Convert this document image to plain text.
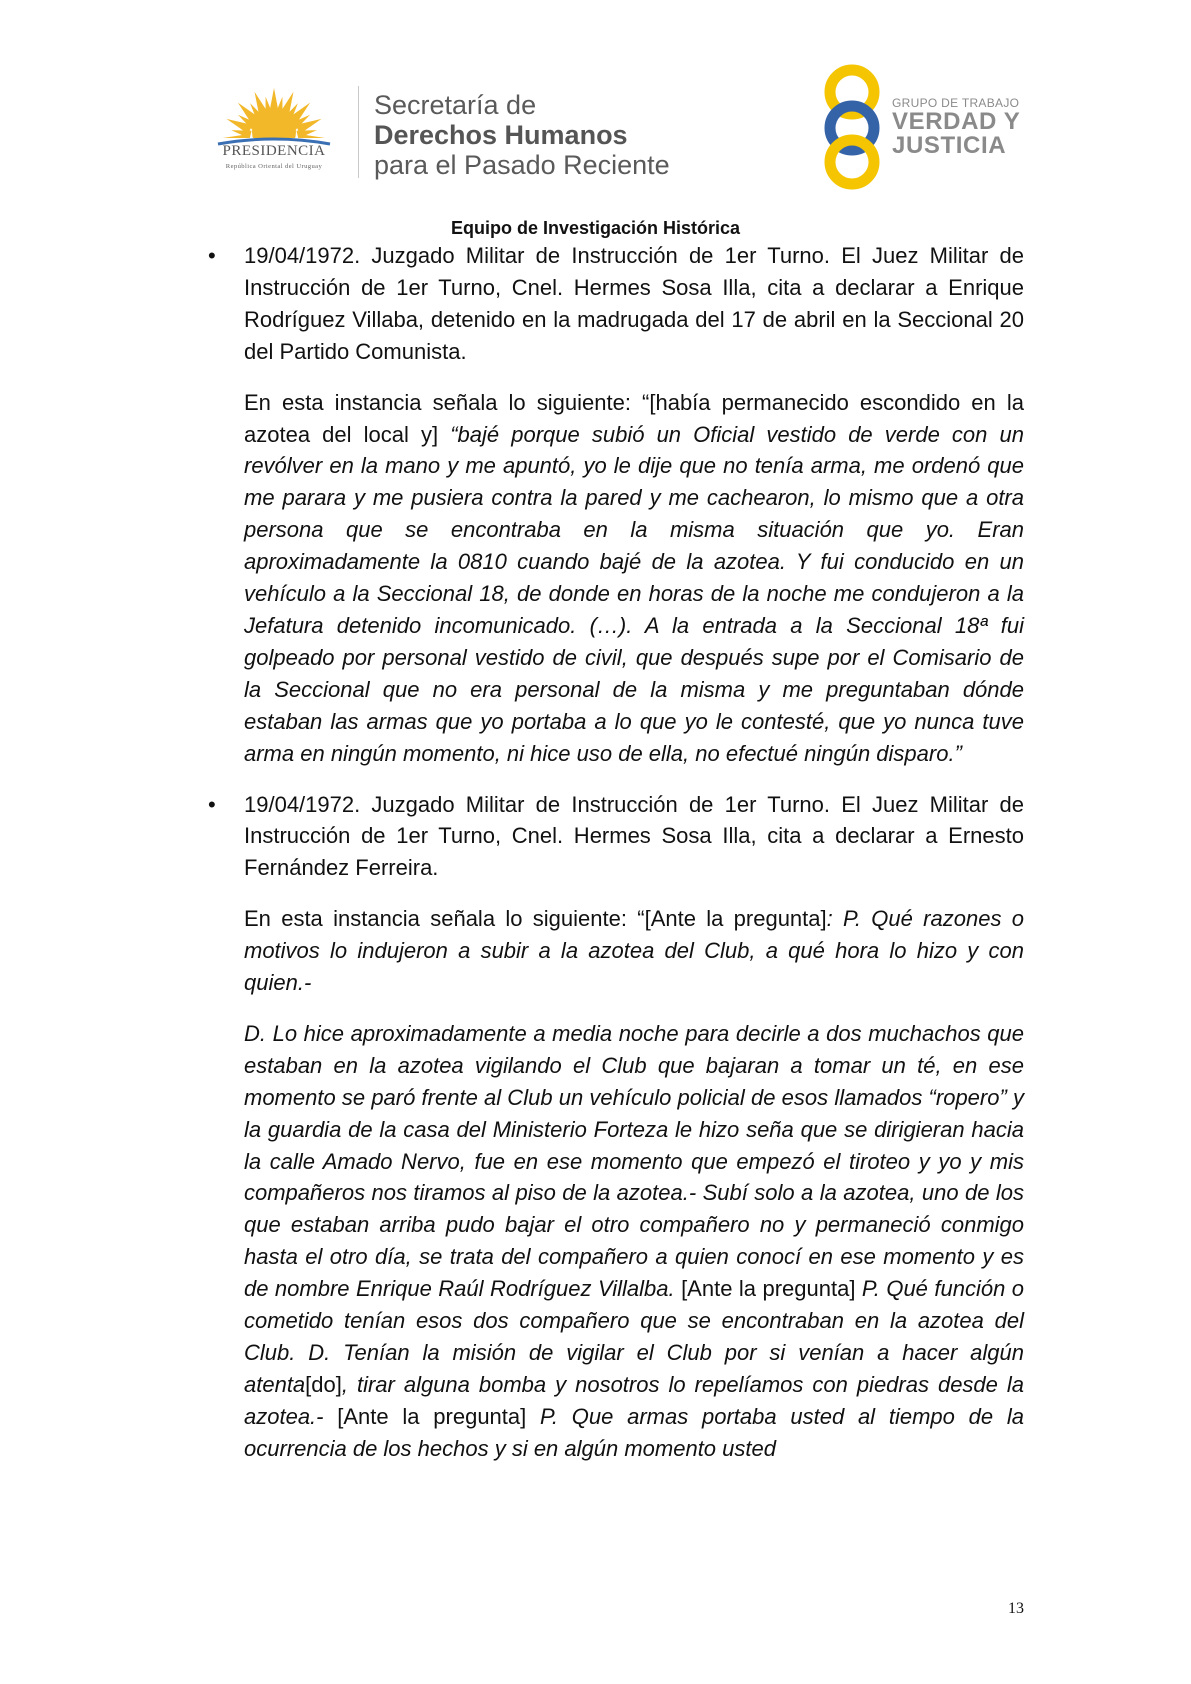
PRESIDENCIA
República Oriental del Uruguay
Secretaría de
Derechos Humanos
para el Pasado Reciente
GRUPO DE TRABAJO
VERDAD Y
JUSTICIA
Equipo de Investigación Histórica
• 19/04/1972. Juzgado Militar de Instrucción de 1er Turno. El Juez Militar de Instrucción de 1er Turno, Cnel. Hermes Sosa Illa, cita a declarar a Enrique Rodríguez Villaba, detenido en la madrugada del 17 de abril en la Seccional 20 del Partido Comunista.

En esta instancia señala lo siguiente: “[había permanecido escondido en la azotea del local y] “bajé porque subió un Oficial vestido de verde con un revólver en la mano y me apuntó, yo le dije que no tenía arma, me ordenó que me parara y me pusiera contra la pared y me cachearon, lo mismo que a otra persona que se encontraba en la misma situación que yo. Eran aproximadamente la 0810 cuando bajé de la azotea. Y fui conducido en un vehículo a la Seccional 18, de donde en horas de la noche me condujeron a la Jefatura detenido incomunicado. (…). A la entrada a la Seccional 18ª fui golpeado por personal vestido de civil, que después supe por el Comisario de la Seccional que no era personal de la misma y me preguntaban dónde estaban las armas que yo portaba a lo que yo le contesté, que yo nunca tuve arma en ningún momento, ni hice uso de ella, no efectué ningún disparo.”

• 19/04/1972. Juzgado Militar de Instrucción de 1er Turno. El Juez Militar de Instrucción de 1er Turno, Cnel. Hermes Sosa Illa, cita a declarar a Ernesto Fernández Ferreira.

En esta instancia señala lo siguiente: “[Ante la pregunta]: P. Qué razones o motivos lo indujeron a subir a la azotea del Club, a qué hora lo hizo y con quien.-

D. Lo hice aproximadamente a media noche para decirle a dos muchachos que estaban en la azotea vigilando el Club que bajaran a tomar un té, en ese momento se paró frente al Club un vehículo policial de esos llamados “ropero” y la guardia de la casa del Ministerio Forteza le hizo seña que se dirigieran hacia la calle Amado Nervo, fue en ese momento que empezó el tiroteo y yo y mis compañeros nos tiramos al piso de la azotea.- Subí solo a la azotea, uno de los que estaban arriba pudo bajar el otro compañero no y permaneció conmigo hasta el otro día, se trata del compañero a quien conocí en ese momento y es de nombre Enrique Raúl Rodríguez Villalba. [Ante la pregunta] P. Qué función o cometido tenían esos dos compañero que se encontraban en la azotea del Club. D. Tenían la misión de vigilar el Club por si venían a hacer algún atenta[do], tirar alguna bomba y nosotros lo repelíamos con piedras desde la azotea.- [Ante la pregunta] P. Que armas portaba usted al tiempo de la ocurrencia de los hechos y si en algún momento usted

13
